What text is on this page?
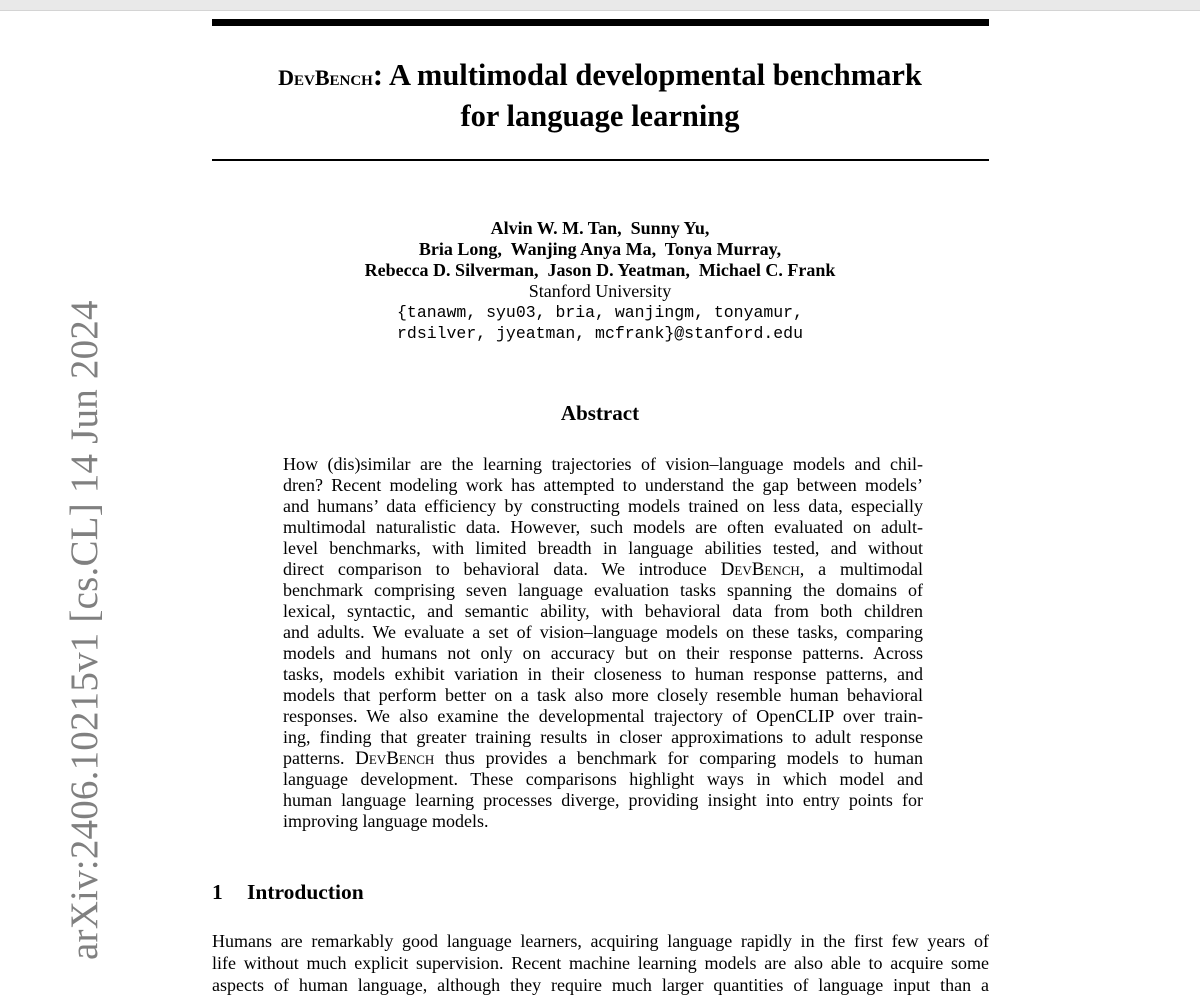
DevBench: A multimodal developmental benchmark
for language learning
Alvin W. M. Tan,  Sunny Yu,
Bria Long,  Wanjing Anya Ma,  Tonya Murray,
Rebecca D. Silverman,  Jason D. Yeatman,  Michael C. Frank
Stanford University
{tanawm, syu03, bria, wanjingm, tonyamur,
rdsilver, jyeatman, mcfrank}@stanford.edu
Abstract
How (dis)similar are the learning trajectories of vision–language models and chil-
dren? Recent modeling work has attempted to understand the gap between models’
and humans’ data efficiency by constructing models trained on less data, especially
multimodal naturalistic data. However, such models are often evaluated on adult-
level benchmarks, with limited breadth in language abilities tested, and without
direct comparison to behavioral data. We introduce DevBench, a multimodal
benchmark comprising seven language evaluation tasks spanning the domains of
lexical, syntactic, and semantic ability, with behavioral data from both children
and adults. We evaluate a set of vision–language models on these tasks, comparing
models and humans not only on accuracy but on their response patterns. Across
tasks, models exhibit variation in their closeness to human response patterns, and
models that perform better on a task also more closely resemble human behavioral
responses. We also examine the developmental trajectory of OpenCLIP over train-
ing, finding that greater training results in closer approximations to adult response
patterns. DevBench thus provides a benchmark for comparing models to human
language development. These comparisons highlight ways in which model and
human language learning processes diverge, providing insight into entry points for
improving language models.
1 Introduction
Humans are remarkably good language learners, acquiring language rapidly in the first few years of
life without much explicit supervision. Recent machine learning models are also able to acquire some
aspects of human language, although they require much larger quantities of language input than a
arXiv:2406.10215v1 [cs.CL] 14 Jun 2024
